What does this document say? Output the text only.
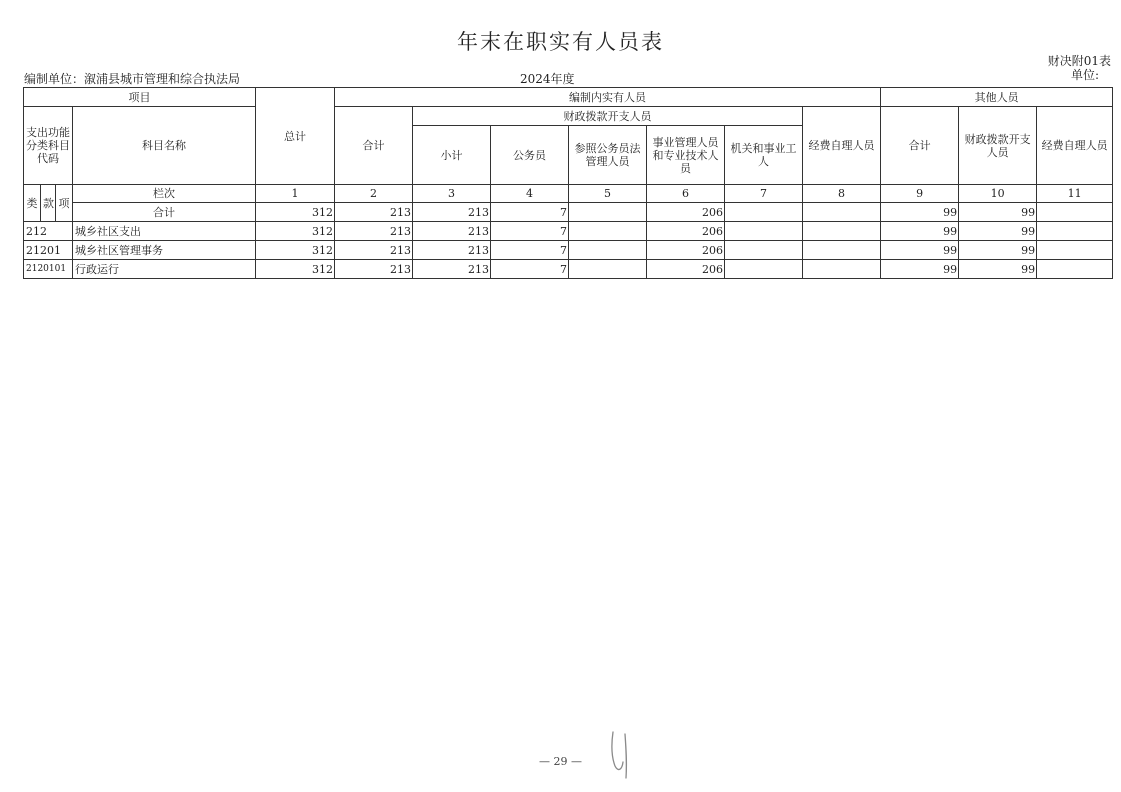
年末在职实有人员表
财决附01表
单位:
编制单位：溆浦县城市管理和综合执法局	2024年度
项目				总计	编制内实有人员							其他人员		
支出功能分类科目代码			科目名称		合计	财政拨款开支人员					经费自理人员	合计	财政拨款开支人员	经费自理人员
						小计	公务员	参照公务员法管理人员	事业管理人员和专业技术人员	机关和事业工人				
类	款	项	栏次	1	2	3	4	5	6	7	8	9	10	11
			合计	312	213	213	7		206			99	99	
212			城乡社区支出	312	213	213	7		206			99	99	
21201			城乡社区管理事务	312	213	213	7		206			99	99	
2120101			行政运行	312	213	213	7		206			99	99	
— 29 —
